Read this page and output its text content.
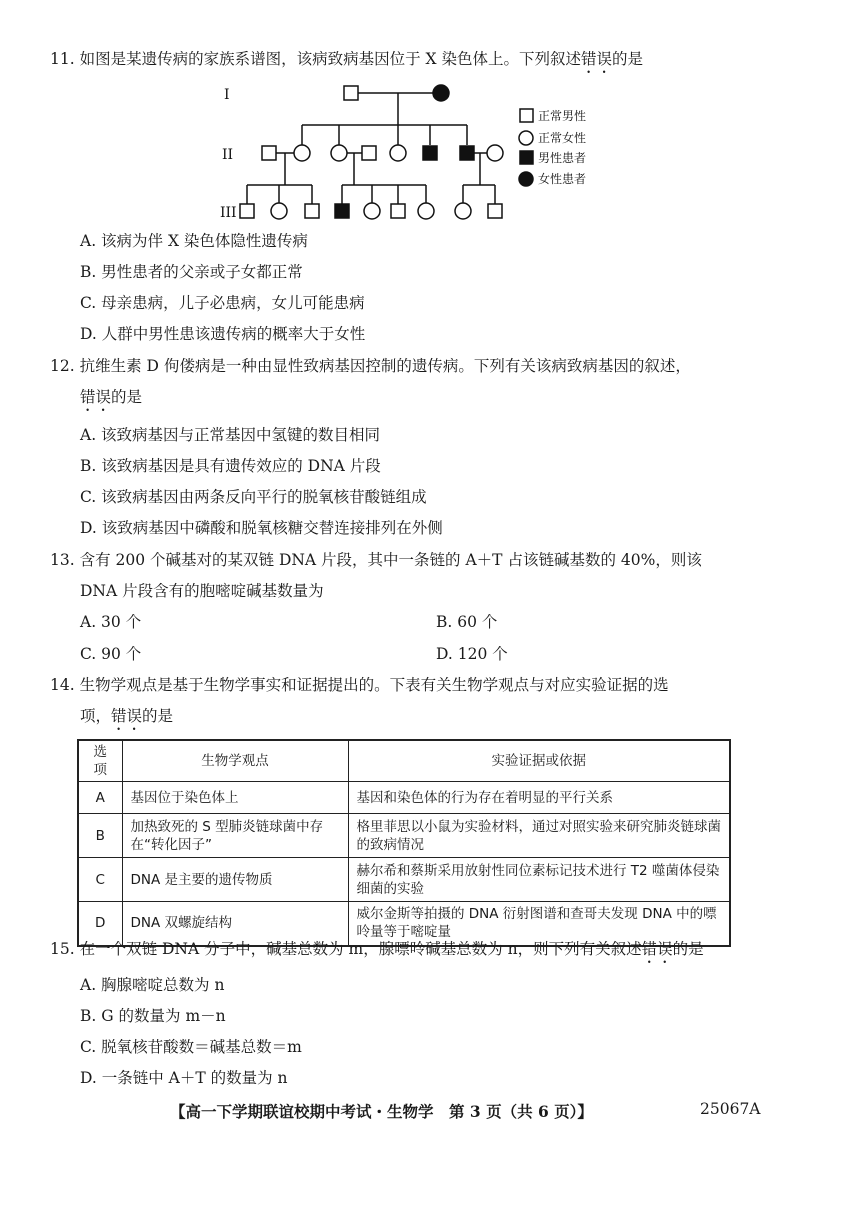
11. 如图是某遗传病的家族系谱图，该病致病基因位于 X 染色体上。下列叙述错误的是
I
II
III
正常男性
正常女性
男性患者
女性患者
A. 该病为伴 X 染色体隐性遗传病
B. 男性患者的父亲或子女都正常
C. 母亲患病，儿子必患病，女儿可能患病
D. 人群中男性患该遗传病的概率大于女性
12. 抗维生素 D 佝偻病是一种由显性致病基因控制的遗传病。下列有关该病致病基因的叙述，
错误的是
A. 该致病基因与正常基因中氢键的数目相同
B. 该致病基因是具有遗传效应的 DNA 片段
C. 该致病基因由两条反向平行的脱氧核苷酸链组成
D. 该致病基因中磷酸和脱氧核糖交替连接排列在外侧
13. 含有 200 个碱基对的某双链 DNA 片段，其中一条链的 A＋T 占该链碱基数的 40%，则该
DNA 片段含有的胞嘧啶碱基数量为
A. 30 个	B. 60 个
C. 90 个	D. 120 个
14. 生物学观点是基于生物学事实和证据提出的。下表有关生物学观点与对应实验证据的选
项，错误的是
选项	生物学观点	实验证据或依据
A	基因位于染色体上	基因和染色体的行为存在着明显的平行关系
B	加热致死的 S 型肺炎链球菌中存在“转化因子”	格里菲思以小鼠为实验材料，通过对照实验来研究肺炎链球菌的致病情况
C	DNA 是主要的遗传物质	赫尔希和蔡斯采用放射性同位素标记技术进行 T2 噬菌体侵染细菌的实验
D	DNA 双螺旋结构	威尔金斯等拍摄的 DNA 衍射图谱和查哥夫发现 DNA 中的嘌呤量等于嘧啶量
15. 在一个双链 DNA 分子中，碱基总数为 m，腺嘌呤碱基总数为 n，则下列有关叙述错误的是
A. 胸腺嘧啶总数为 n
B. G 的数量为 m－n
C. 脱氧核苷酸数＝碱基总数＝m
D. 一条链中 A＋T 的数量为 n
【高一下学期联谊校期中考试・生物学　第 3 页（共 6 页）】	25067A
